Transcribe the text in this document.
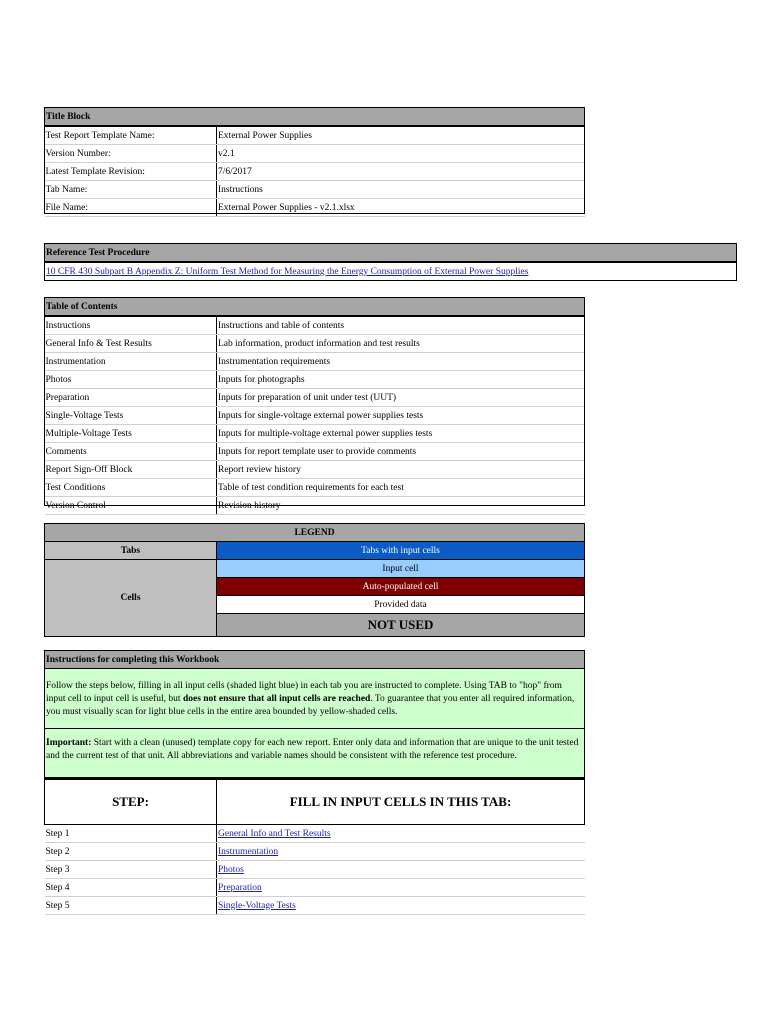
Title Block	
Test Report Template Name:	External Power Supplies
Version Number:	v2.1
Latest Template Revision:	7/6/2017
Tab Name:	Instructions
File Name:	External Power Supplies - v2.1.xlsx
Reference Test Procedure
10 CFR 430 Subpart B Appendix Z: Uniform Test Method for Measuring the Energy Consumption of External Power Supplies
Table of Contents	
Instructions	Instructions and table of contents
General Info & Test Results	Lab information, product information and test results
Instrumentation	Instrumentation requirements
Photos	Inputs for photographs
Preparation	Inputs for preparation of unit under test (UUT)
Single-Voltage Tests	Inputs for single-voltage external power supplies tests
Multiple-Voltage Tests	Inputs for multiple-voltage external power supplies tests
Comments	Inputs for report template user to provide comments
Report Sign-Off Block	Report review history
Test Conditions	Table of test condition requirements for each test
Version Control	Revision history
LEGEND	
Tabs	Tabs with input cells
Cells	Input cell
	Auto-populated cell
	Provided data
	NOT USED
Instructions for completing this Workbook
Follow the steps below, filling in all input cells (shaded light blue) in each tab you are instructed to complete. Using TAB to "hop" from input cell to input cell is useful, but does not ensure that all input cells are reached. To guarantee that you enter all required information, you must visually scan for light blue cells in the entire area bounded by yellow-shaded cells.
Important: Start with a clean (unused) template copy for each new report. Enter only data and information that are unique to the unit tested and the current test of that unit. All abbreviations and variable names should be consistent with the reference test procedure.
STEP:	FILL IN INPUT CELLS IN THIS TAB:
Step 1	General Info and Test Results
Step 2	Instrumentation
Step 3	Photos
Step 4	Preparation
Step 5	Single-Voltage Tests
